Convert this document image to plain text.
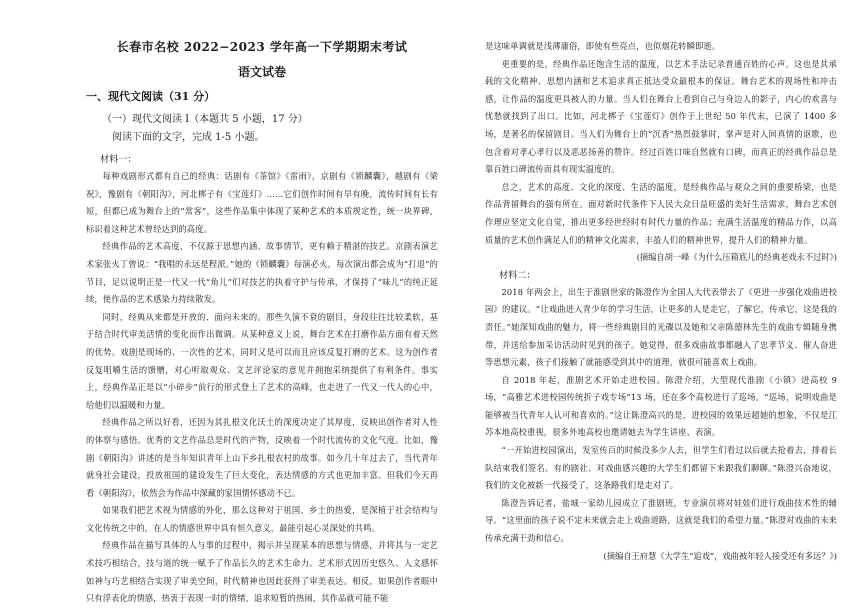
长春市名校 2022−2023 学年高一下学期期末考试
语文试卷
一、现代文阅读（31 分）
（一）现代文阅读 I（本题共 5 小题，17 分）
阅读下面的文字，完成 1-5 小题。
材料一：

每种戏剧形式都有自己的经典：话剧有《茶馆》《雷雨》，京剧有《锁麟囊》，越剧有《梁祝》，豫剧有《朝阳沟》，河北梆子有《宝莲灯》……它们创作时间有早有晚，流传时间有长有短，但都已成为舞台上的“常客”，这些作品集中体现了某种艺术的本质规定性，统一块界碑，标识着这种艺术曾经达到的高度。

经典作品的艺术高度，不仅源于思想内涵、故事情节，更有赖于精湛的技艺。京剧表演艺术家张火丁曾说：“我唱的永远是程派。”她的《锁麟囊》每演必火，每次演出都会成为“打退”的节目，足以说明正是一代又一代“角儿”们对技艺的执着守护与传承，才保持了“味儿”的纯正延续，使作品的艺术感染力持续散发。

同时，经典从来都是开放的、面向未来的。那些久演不衰的剧目，身段往往比较柔软，基于结合时代审美活情的变化而作出微调。从某种意义上说，舞台艺术在打磨作品方面有着天然的优势。戏剧是现场的、一次性的艺术，同时又是可以而且应该反复打磨的艺术。这为创作者反复咀嚼生活的馈赠，对心听取观众、文艺评论家的意见并拥抱采纳提供了有利条件。事实上，经典作品正是以“小碎步”前行的形式登上了艺术的高峰，也走进了一代又一代人的心中，给他们以温暖和力量。

经典作品之所以好看，还因为其扎根文化沃土的深度决定了其厚度，反映出创作者对人性的体察与感悟。优秀的文艺作品总是时代的产物，反映着一个时代流传的文化气度。比如，豫剧《朝阳沟》讲述的是当年知识青年上山下乡扎根农村的故事。如今几十年过去了，当代青年就身社会建设，投放祖国的建设发生了巨大变化，表达情感的方式也更加丰富。但我们今天再看《朝阳沟》，依然会为作品中深藏的家国情怀感动不已。

如果我们把艺术视为情感的外化，那么这种对于祖国、乡土的热爱，是深植于社会结构与文化传统之中的，在人的情感世界中具有恒久意义，最能引起心灵深处的共鸣。

经典作品在描写具体的人与事的过程中，揭示并呈现某本的思想与情感，并将其与一定艺术技巧相结合，技与道的统一赋予了作品长久的艺术生命力。艺术形式因历史悠久、人文感怀如神与巧艺相结合实现了审美空间，时代精神也因此获得了审美表达。相反，如果创作者眼中只有浮表化的情感，热衷于表现一时的情绪，追求短暂的热闹，其作品就可能不能

是这味单调就是浅薄庸俗，即使有些亮点，也似烟花转瞬即逝。

更重要的是，经典作品还饱含生活的温度，以艺术手法记录普通百姓的心声。这也是其承载的文化精神、思想内涵和艺术追求真正抵达受众最根本的保证。舞台艺术的现场性和冲击感，让作品的温度更具被人的力量。当人们在舞台上看到自己与身边人的影子，内心的欢喜与忧愁就找到了出口。比如，河北梆子《宝莲灯》创作于上世纪 50 年代末，已演了 1400 多场，是著名的保留剧目。当人们为舞台上的“沉香”热烈鼓掌时，掌声是对人间真情的讴歌，也包含着对孝心孝行以及恶恶扬善的赞许。经过百姓口味自然就有口碑，而真正的经典作品总是靠百姓口碑流传而具有现实温度的。

总之，艺术的高度、文化的深度、生活的温度，是经典作品与观众之间的重要桥梁，也是作品背留舞台的强有所在。面对新时代条件下人民大众日益旺盛的美好生活需求，舞台艺术创作理应坚定文化自觉，推出更多经世经时有时代力量的作品；充满生活温度的精品力作，以高质量的艺术创作满足人们的精神文化需求，丰盈人们的精神世界，提升人们的精神力量。

(摘编自胡一峰《为什么压箱底儿的经典老戏永不过时》)

材料二：

2018 年两会上，出生于淮剧世家的陈澄作为全国人大代表带去了《更进一步强化戏曲进校园》的建议。“让戏曲进入青少年的学习生活，让更多的人是走它，了解它，传承它，这是我的责任。”她深知戏曲的魅力，将一些经典剧目的光碟以及她和父亲陈德林先生的戏曲专辑随身携带，并送给参加采访活动时见到的孩子。她觉得，很多戏曲故事都融入了忠孝节义、催人奋进等思想元素，孩子们接触了就能感受到其中的道理，就很可能喜欢上戏曲。

自 2018 年起，淮剧艺术开始走进校园。陈澄介绍，大型现代淮剧《小镇》进高校 9 场，“高雅艺术进校园传统折子戏专场”13 场，还在多个高校进行了巡场。“巡场，说明戏曲是能够被当代青年人认可和喜欢的。”这让陈澄高兴的是，进校园的效果远超她的想象，不仅是江苏本地高校重视，很多外地高校也邀请她去为学生讲座、表演。

“一开始进校园演出，发室传百的时候没多少人去，但学生们看过以后就去抢着去，排着长队结束我们签名。有的剧社、对戏曲感兴趣的大学生们都留下来跟我们聊聊。”陈澄兴奋地说，我们的文化被新一代接受了，这条路我们是走对了。

陈澄告诉记者，盐城一家幼儿园成立了淮剧班，专业演员将对娃娃们进行戏曲技术性的辅导。“这里面的孩子说不定未来就会走上戏曲道路，这就是我们的希望力量。”陈澄对戏曲的未来传承充满干劲和信心。

(摘编自王府慧《大学生“追戏”，戏曲被年轻人接受还有多远？》)
